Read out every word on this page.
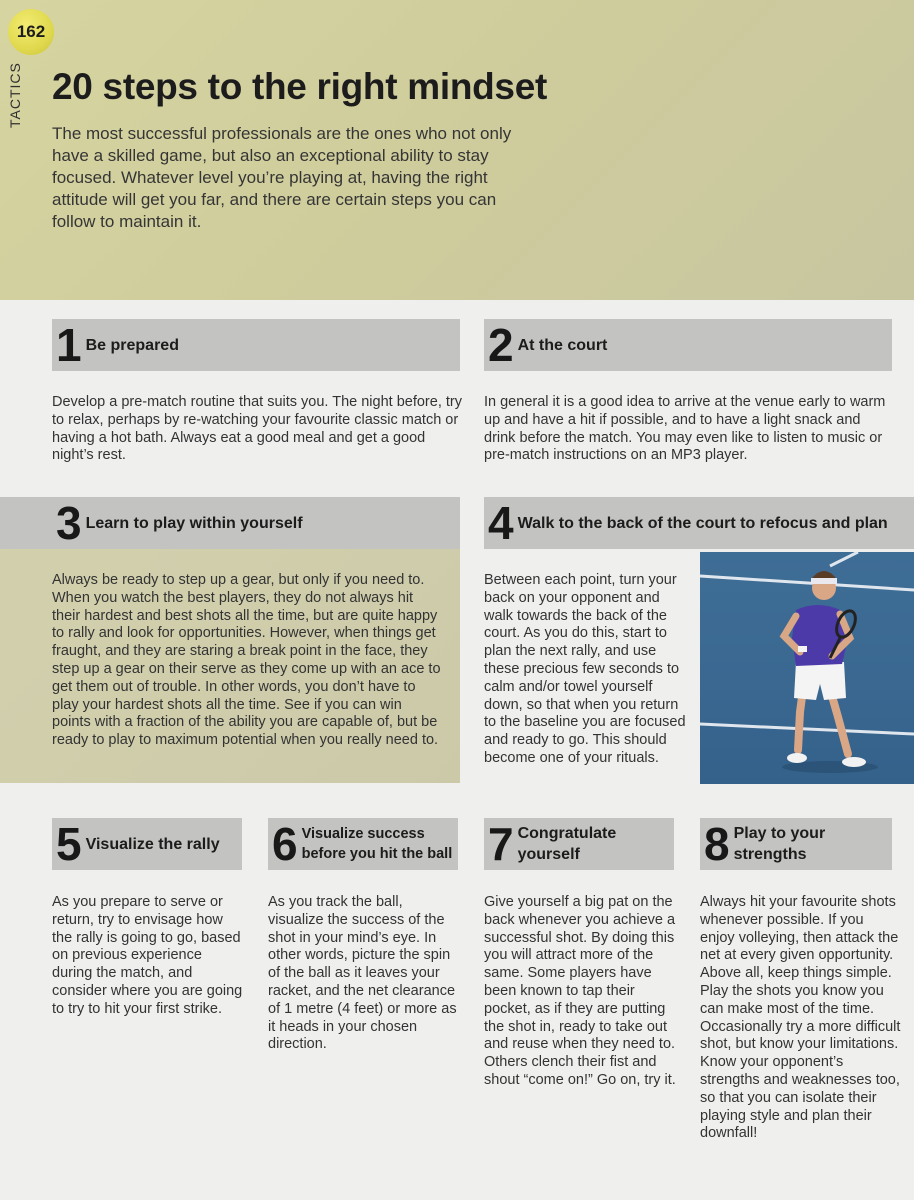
162
TACTICS 20 steps to the right mindset

The most successful professionals are the ones who not only have a skilled game, but also an exceptional ability to stay focused. Whatever level you’re playing at, having the right attitude will get you far, and there are certain steps you can follow to maintain it.

1 Be prepared

Develop a pre-match routine that suits you. The night before, try to relax, perhaps by re-watching your favourite classic match or having a hot bath. Always eat a good meal and get a good night’s rest.

2 At the court

In general it is a good idea to arrive at the venue early to warm up and have a hit if possible, and to have a light snack and drink before the match. You may even like to listen to music or pre-match instructions on an MP3 player.

3 Learn to play within yourself

Always be ready to step up a gear, but only if you need to. When you watch the best players, they do not always hit their hardest and best shots all the time, but are quite happy to rally and look for opportunities. However, when things get fraught, and they are staring a break point in the face, they step up a gear on their serve as they come up with an ace to get them out of trouble. In other words, you don’t have to play your hardest shots all the time. See if you can win points with a fraction of the ability you are capable of, but be ready to play to maximum potential when you really need to.

4 Walk to the back of the court to refocus and plan

Between each point, turn your back on your opponent and walk towards the back of the court. As you do this, start to plan the next rally, and use these precious few seconds to calm and/or towel yourself down, so that when you return to the baseline you are focused and ready to go. This should become one of your rituals.

5 Visualize the rally

As you prepare to serve or return, try to envisage how the rally is going to go, based on previous experience during the match, and consider where you are going to try to hit your first strike.

6 Visualize success before you hit the ball

As you track the ball, visualize the success of the shot in your mind’s eye. In other words, picture the spin of the ball as it leaves your racket, and the net clearance of 1 metre (4 feet) or more as it heads in your chosen direction.

7 Congratulate yourself

Give yourself a big pat on the back whenever you achieve a successful shot. By doing this you will attract more of the same. Some players have been known to tap their pocket, as if they are putting the shot in, ready to take out and reuse when they need to. Others clench their fist and shout “come on!” Go on, try it.

8 Play to your strengths

Always hit your favourite shots whenever possible. If you enjoy volleying, then attack the net at every given opportunity. Above all, keep things simple. Play the shots you know you can make most of the time. Occasionally try a more difficult shot, but know your limitations. Know your opponent’s strengths and weaknesses too, so that you can isolate their playing style and plan their downfall!
